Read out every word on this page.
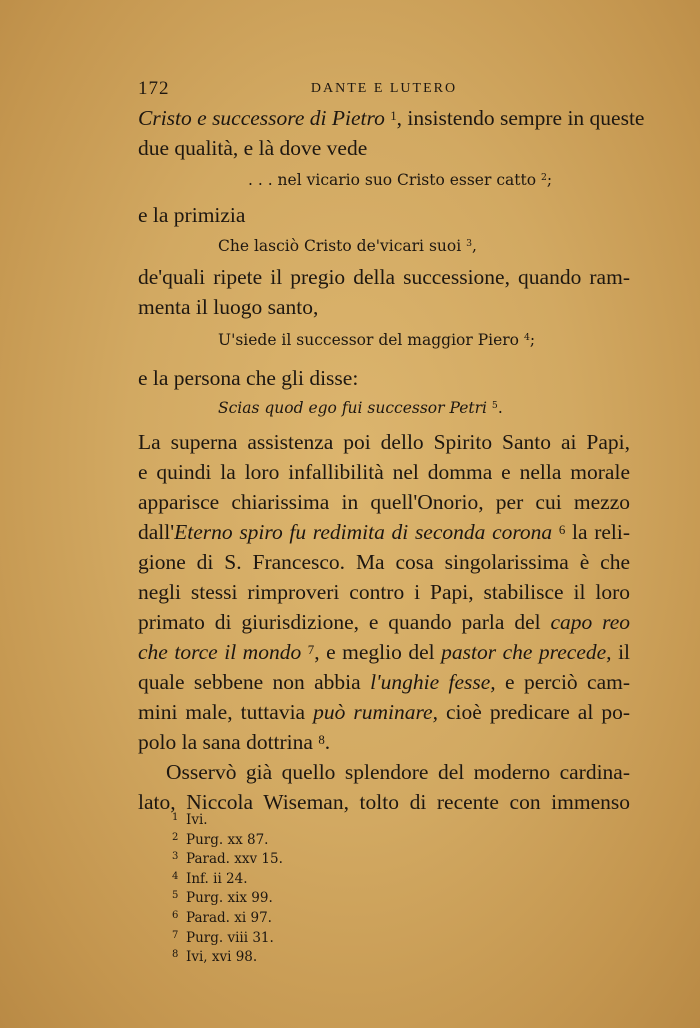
172	DANTE E LUTERO
Cristo e successore di Pietro $^1$, insistendo sempre in queste
due qualità, e là dove vede
. . . nel vicario suo Cristo esser catto $^2$;
e la primizia
Che lasciò Cristo de'vicari suoi $^3$,
de'quali ripete il pregio della successione, quando ram-
menta il luogo santo,
U'siede il successor del maggior Piero $^4$;
e la persona che gli disse:
Scias quod ego fui successor Petri $^5$.
La superna assistenza poi dello Spirito Santo ai Papi,
e quindi la loro infallibilità nel domma e nella morale
apparisce chiarissima in quell'Onorio, per cui mezzo
dall'Eterno spiro fu redimita di seconda corona $^6$ la reli-
gione di S. Francesco. Ma cosa singolarissima è che
negli stessi rimproveri contro i Papi, stabilisce il loro
primato di giurisdizione, e quando parla del capo reo
che torce il mondo $^7$, e meglio del pastor che precede, il
quale sebbene non abbia l'unghie fesse, e perciò cam-
mini male, tuttavia può ruminare, cioè predicare al po-
polo la sana dottrina $^8$.
Osservò già quello splendore del moderno cardina-
lato, Niccola Wiseman, tolto di recente con immenso
1 Ivi.
2 Purg. xx 87.
3 Parad. xxv 15.
4 Inf. ii 24.
5 Purg. xix 99.
6 Parad. xi 97.
7 Purg. viii 31.
8 Ivi, xvi 98.
